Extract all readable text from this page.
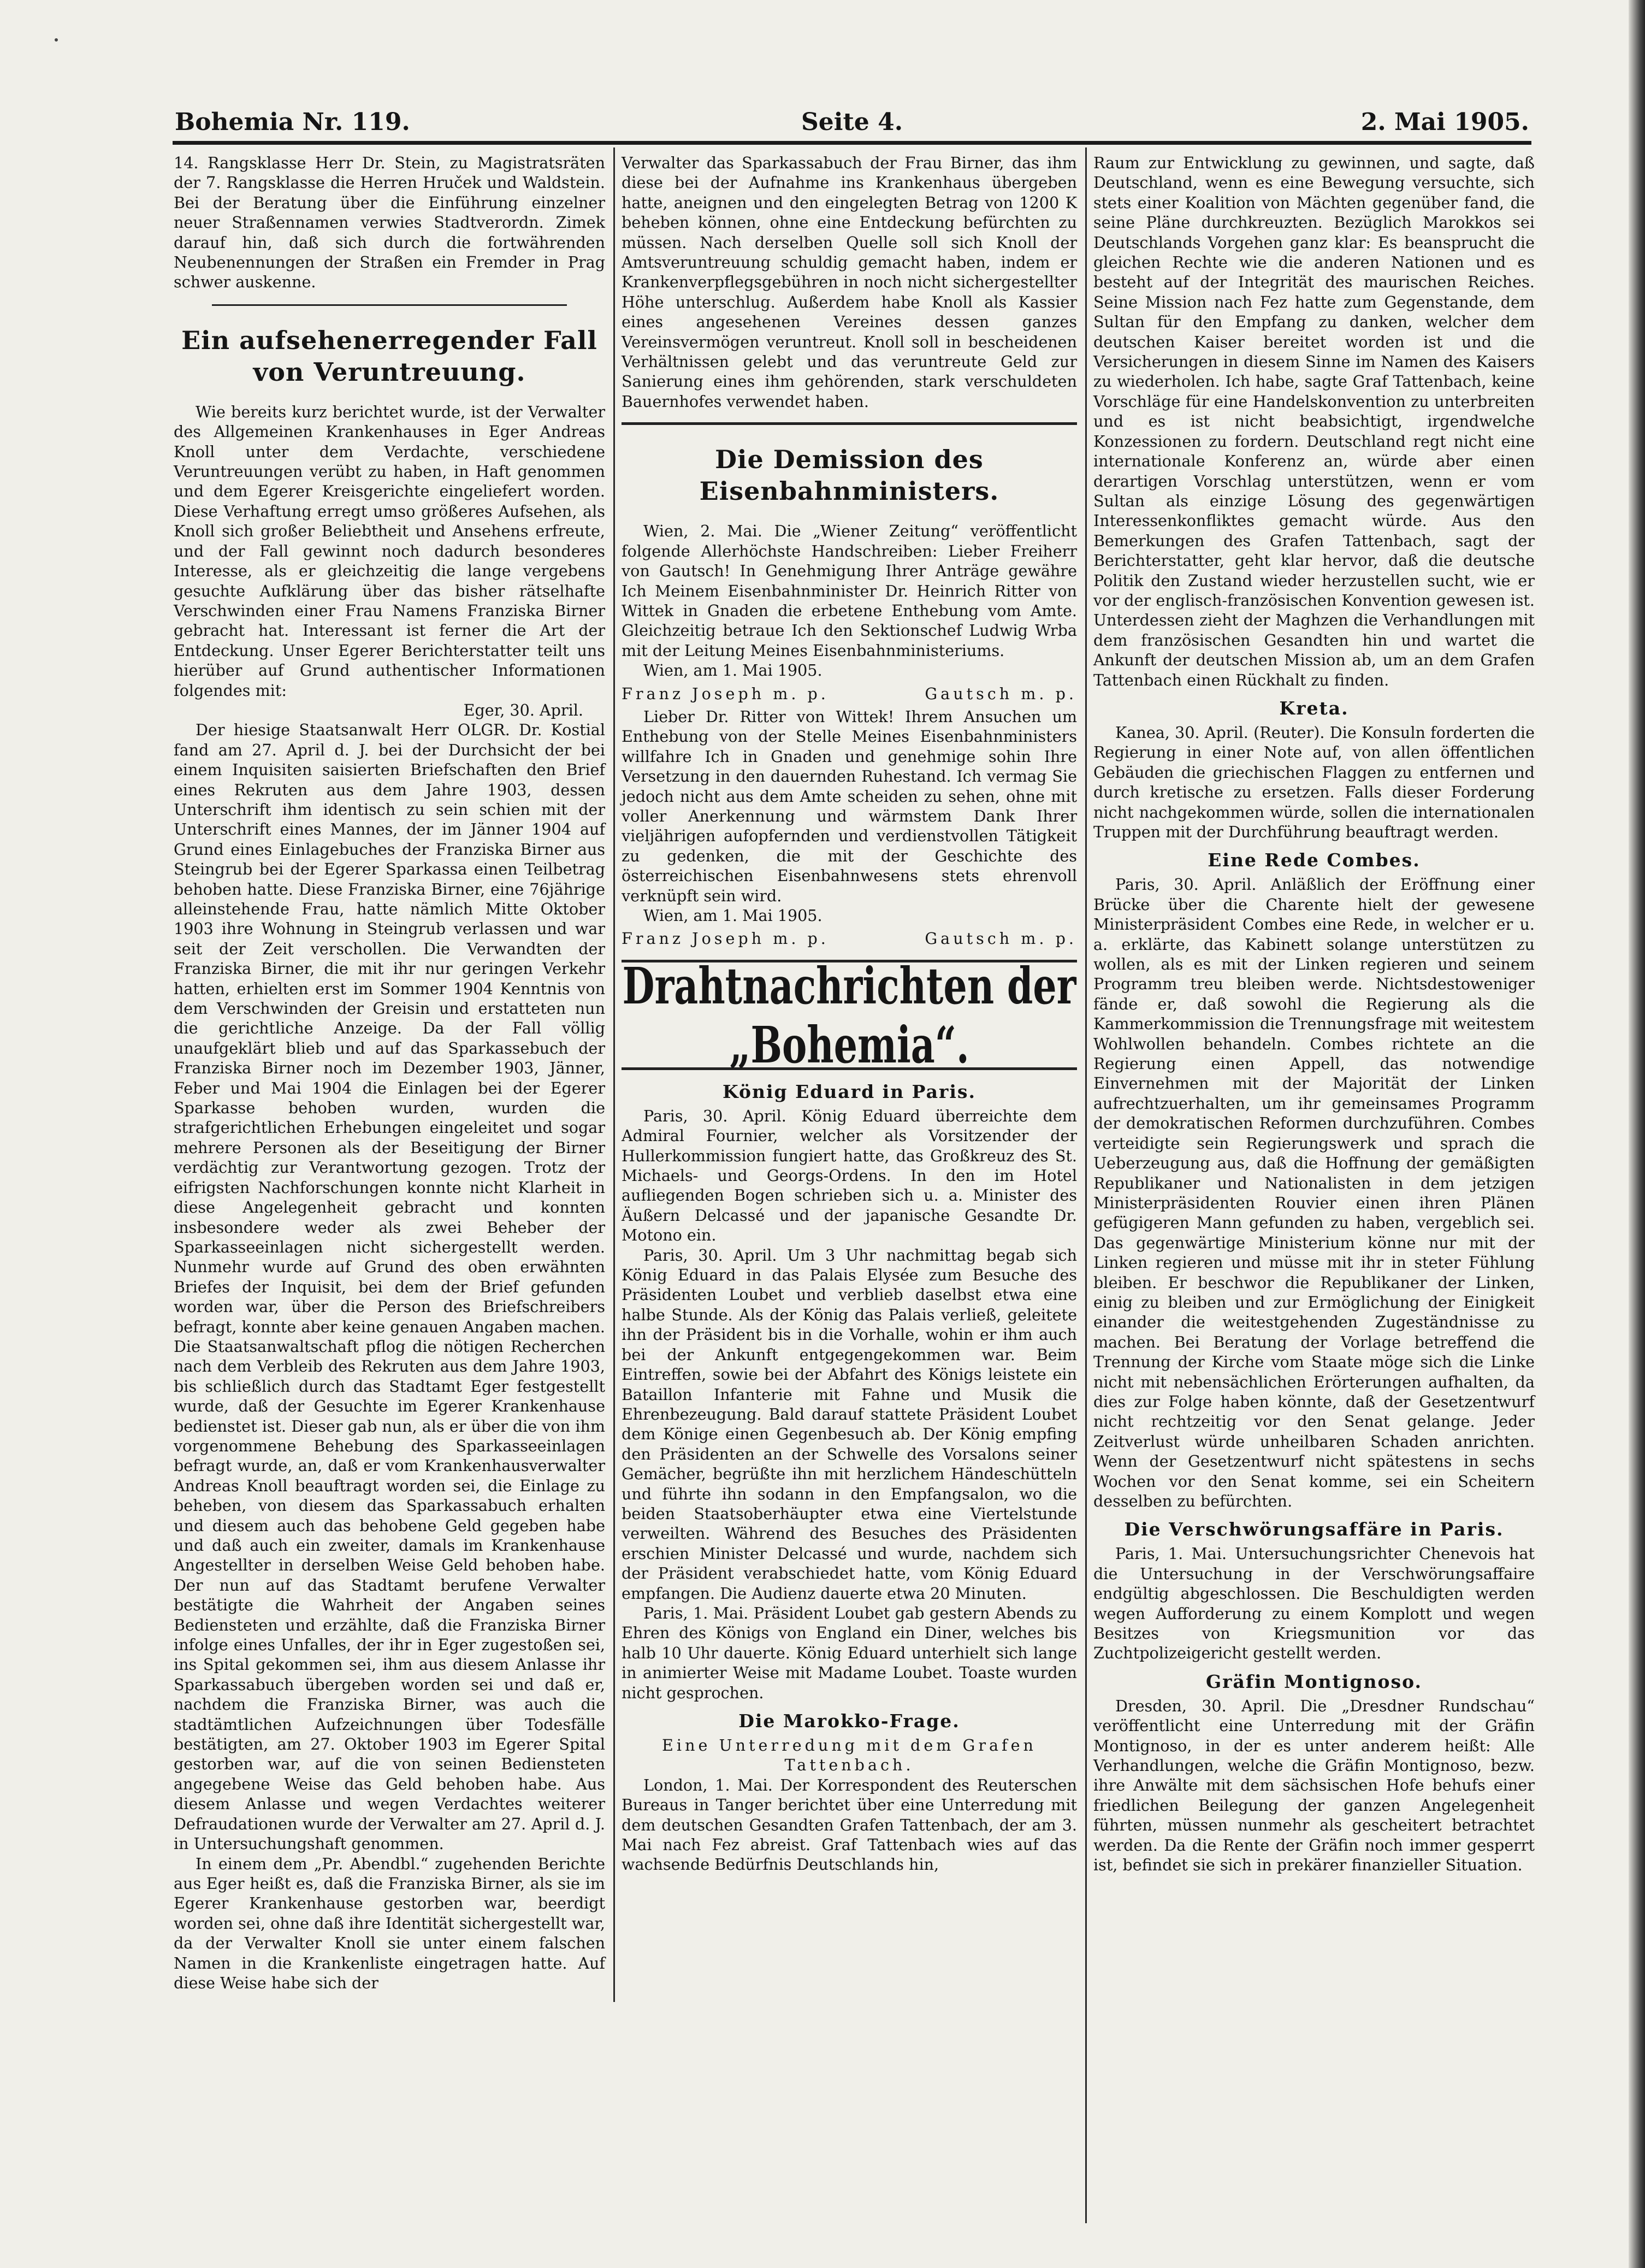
Bohemia Nr. 119.	Seite 4.	2. Mai 1905.

14. Rangsklasse Herr Dr. Stein, zu Magistratsräten der 7. Rangsklasse die Herren Hruček und Waldstein. Bei der Beratung über die Einführung einzelner neuer Straßennamen verwies Stadtverordn. Zimek darauf hin, daß sich durch die fortwährenden Neubenennungen der Straßen ein Fremder in Prag schwer auskenne.

Ein aufsehenerregender Fall von Veruntreuung.

Wie bereits kurz berichtet wurde, ist der Verwalter des Allgemeinen Krankenhauses in Eger Andreas Knoll unter dem Verdachte, verschiedene Veruntreuungen verübt zu haben, in Haft genommen und dem Egerer Kreisgerichte eingeliefert worden. Diese Verhaftung erregt umso größeres Aufsehen, als Knoll sich großer Beliebtheit und Ansehens erfreute, und der Fall gewinnt noch dadurch besonderes Interesse, als er gleichzeitig die lange vergebens gesuchte Aufklärung über das bisher rätselhafte Verschwinden einer Frau Namens Franziska Birner gebracht hat. Interessant ist ferner die Art der Entdeckung. Unser Egerer Berichterstatter teilt uns hierüber auf Grund authentischer Informationen folgendes mit:

Eger, 30. April.

Der hiesige Staatsanwalt Herr OLGR. Dr. Kostial fand am 27. April d. J. bei der Durchsicht der bei einem Inquisiten saisierten Briefschaften den Brief eines Rekruten aus dem Jahre 1903, dessen Unterschrift ihm identisch zu sein schien mit der Unterschrift eines Mannes, der im Jänner 1904 auf Grund eines Einlagebuches der Franziska Birner aus Steingrub bei der Egerer Sparkassa einen Teilbetrag behoben hatte. Diese Franziska Birner, eine 76jährige alleinstehende Frau, hatte nämlich Mitte Oktober 1903 ihre Wohnung in Steingrub verlassen und war seit der Zeit verschollen. Die Verwandten der Franziska Birner, die mit ihr nur geringen Verkehr hatten, erhielten erst im Sommer 1904 Kenntnis von dem Verschwinden der Greisin und erstatteten nun die gerichtliche Anzeige. Da der Fall völlig unaufgeklärt blieb und auf das Sparkassebuch der Franziska Birner noch im Dezember 1903, Jänner, Feber und Mai 1904 die Einlagen bei der Egerer Sparkasse behoben wurden, wurden die strafgerichtlichen Erhebungen eingeleitet und sogar mehrere Personen als der Beseitigung der Birner verdächtig zur Verantwortung gezogen. Trotz der eifrigsten Nachforschungen konnte nicht Klarheit in diese Angelegenheit gebracht und konnten insbesondere weder als zwei Beheber der Sparkasseeinlagen nicht sichergestellt werden. Nunmehr wurde auf Grund des oben erwähnten Briefes der Inquisit, bei dem der Brief gefunden worden war, über die Person des Briefschreibers befragt, konnte aber keine genauen Angaben machen. Die Staatsanwaltschaft pflog die nötigen Recherchen nach dem Verbleib des Rekruten aus dem Jahre 1903, bis schließlich durch das Stadtamt Eger festgestellt wurde, daß der Gesuchte im Egerer Krankenhause bedienstet ist. Dieser gab nun, als er über die von ihm vorgenommene Behebung des Sparkasseeinlagen befragt wurde, an, daß er vom Krankenhausverwalter Andreas Knoll beauftragt worden sei, die Einlage zu beheben, von diesem das Sparkassabuch erhalten und diesem auch das behobene Geld gegeben habe und daß auch ein zweiter, damals im Krankenhause Angestellter in derselben Weise Geld behoben habe. Der nun auf das Stadtamt berufene Verwalter bestätigte die Wahrheit der Angaben seines Bediensteten und erzählte, daß die Franziska Birner infolge eines Unfalles, der ihr in Eger zugestoßen sei, ins Spital gekommen sei, ihm aus diesem Anlasse ihr Sparkassabuch übergeben worden sei und daß er, nachdem die Franziska Birner, was auch die stadtämtlichen Aufzeichnungen über Todesfälle bestätigten, am 27. Oktober 1903 im Egerer Spital gestorben war, auf die von seinen Bediensteten angegebene Weise das Geld behoben habe. Aus diesem Anlasse und wegen Verdachtes weiterer Defraudationen wurde der Verwalter am 27. April d. J. in Untersuchungshaft genommen.

In einem dem „Pr. Abendbl.“ zugehenden Berichte aus Eger heißt es, daß die Franziska Birner, als sie im Egerer Krankenhause gestorben war, beerdigt worden sei, ohne daß ihre Identität sichergestellt war, da der Verwalter Knoll sie unter einem falschen Namen in die Krankenliste eingetragen hatte. Auf diese Weise habe sich der

Verwalter das Sparkassabuch der Frau Birner, das ihm diese bei der Aufnahme ins Krankenhaus übergeben hatte, aneignen und den eingelegten Betrag von 1200 K beheben können, ohne eine Entdeckung befürchten zu müssen. Nach derselben Quelle soll sich Knoll der Amtsveruntreuung schuldig gemacht haben, indem er Krankenverpflegsgebühren in noch nicht sichergestellter Höhe unterschlug. Außerdem habe Knoll als Kassier eines angesehenen Vereines dessen ganzes Vereinsvermögen veruntreut. Knoll soll in bescheidenen Verhältnissen gelebt und das veruntreute Geld zur Sanierung eines ihm gehörenden, stark verschuldeten Bauernhofes verwendet haben.

Die Demission des Eisenbahnministers.

Wien, 2. Mai. Die „Wiener Zeitung“ veröffentlicht folgende Allerhöchste Handschreiben: Lieber Freiherr von Gautsch! In Genehmigung Ihrer Anträge gewähre Ich Meinem Eisenbahnminister Dr. Heinrich Ritter von Wittek in Gnaden die erbetene Enthebung vom Amte. Gleichzeitig betraue Ich den Sektionschef Ludwig Wrba mit der Leitung Meines Eisenbahnministeriums.

Wien, am 1. Mai 1905.

Franz Joseph m. p.	Gautsch m. p.

Lieber Dr. Ritter von Wittek! Ihrem Ansuchen um Enthebung von der Stelle Meines Eisenbahnministers willfahre Ich in Gnaden und genehmige sohin Ihre Versetzung in den dauernden Ruhestand. Ich vermag Sie jedoch nicht aus dem Amte scheiden zu sehen, ohne mit voller Anerkennung und wärmstem Dank Ihrer vieljährigen aufopfernden und verdienstvollen Tätigkeit zu gedenken, die mit der Geschichte des österreichischen Eisenbahnwesens stets ehrenvoll verknüpft sein wird.

Wien, am 1. Mai 1905.

Franz Joseph m. p.	Gautsch m. p.
Drahtnachrichten der „Bohemia“.
König Eduard in Paris.

Paris, 30. April. König Eduard überreichte dem Admiral Fournier, welcher als Vorsitzender der Hullerkommission fungiert hatte, das Großkreuz des St. Michaels- und Georgs-Ordens. In den im Hotel aufliegenden Bogen schrieben sich u. a. Minister des Äußern Delcassé und der japanische Gesandte Dr. Motono ein.

Paris, 30. April. Um 3 Uhr nachmittag begab sich König Eduard in das Palais Elysée zum Besuche des Präsidenten Loubet und verblieb daselbst etwa eine halbe Stunde. Als der König das Palais verließ, geleitete ihn der Präsident bis in die Vorhalle, wohin er ihm auch bei der Ankunft entgegengekommen war. Beim Eintreffen, sowie bei der Abfahrt des Königs leistete ein Bataillon Infanterie mit Fahne und Musik die Ehrenbezeugung. Bald darauf stattete Präsident Loubet dem Könige einen Gegenbesuch ab. Der König empfing den Präsidenten an der Schwelle des Vorsalons seiner Gemächer, begrüßte ihn mit herzlichem Händeschütteln und führte ihn sodann in den Empfangsalon, wo die beiden Staatsoberhäupter etwa eine Viertelstunde verweilten. Während des Besuches des Präsidenten erschien Minister Delcassé und wurde, nachdem sich der Präsident verabschiedet hatte, vom König Eduard empfangen. Die Audienz dauerte etwa 20 Minuten.

Paris, 1. Mai. Präsident Loubet gab gestern Abends zu Ehren des Königs von England ein Diner, welches bis halb 10 Uhr dauerte. König Eduard unterhielt sich lange in animierter Weise mit Madame Loubet. Toaste wurden nicht gesprochen.

Die Marokko-Frage.

Eine Unterredung mit dem Grafen Tattenbach.

London, 1. Mai. Der Korrespondent des Reuterschen Bureaus in Tanger berichtet über eine Unterredung mit dem deutschen Gesandten Grafen Tattenbach, der am 3. Mai nach Fez abreist. Graf Tattenbach wies auf das wachsende Bedürfnis Deutschlands hin,

Raum zur Entwicklung zu gewinnen, und sagte, daß Deutschland, wenn es eine Bewegung versuchte, sich stets einer Koalition von Mächten gegenüber fand, die seine Pläne durchkreuzten. Bezüglich Marokkos sei Deutschlands Vorgehen ganz klar: Es beansprucht die gleichen Rechte wie die anderen Nationen und es besteht auf der Integrität des maurischen Reiches. Seine Mission nach Fez hatte zum Gegenstande, dem Sultan für den Empfang zu danken, welcher dem deutschen Kaiser bereitet worden ist und die Versicherungen in diesem Sinne im Namen des Kaisers zu wiederholen. Ich habe, sagte Graf Tattenbach, keine Vorschläge für eine Handelskonvention zu unterbreiten und es ist nicht beabsichtigt, irgendwelche Konzessionen zu fordern. Deutschland regt nicht eine internationale Konferenz an, würde aber einen derartigen Vorschlag unterstützen, wenn er vom Sultan als einzige Lösung des gegenwärtigen Interessenkonfliktes gemacht würde. Aus den Bemerkungen des Grafen Tattenbach, sagt der Berichterstatter, geht klar hervor, daß die deutsche Politik den Zustand wieder herzustellen sucht, wie er vor der englisch-französischen Konvention gewesen ist. Unterdessen zieht der Maghzen die Verhandlungen mit dem französischen Gesandten hin und wartet die Ankunft der deutschen Mission ab, um an dem Grafen Tattenbach einen Rückhalt zu finden.

Kreta.

Kanea, 30. April. (Reuter). Die Konsuln forderten die Regierung in einer Note auf, von allen öffentlichen Gebäuden die griechischen Flaggen zu entfernen und durch kretische zu ersetzen. Falls dieser Forderung nicht nachgekommen würde, sollen die internationalen Truppen mit der Durchführung beauftragt werden.

Eine Rede Combes.

Paris, 30. April. Anläßlich der Eröffnung einer Brücke über die Charente hielt der gewesene Ministerpräsident Combes eine Rede, in welcher er u. a. erklärte, das Kabinett solange unterstützen zu wollen, als es mit der Linken regieren und seinem Programm treu bleiben werde. Nichtsdestoweniger fände er, daß sowohl die Regierung als die Kammerkommission die Trennungsfrage mit weitestem Wohlwollen behandeln. Combes richtete an die Regierung einen Appell, das notwendige Einvernehmen mit der Majorität der Linken aufrechtzuerhalten, um ihr gemeinsames Programm der demokratischen Reformen durchzuführen. Combes verteidigte sein Regierungswerk und sprach die Ueberzeugung aus, daß die Hoffnung der gemäßigten Republikaner und Nationalisten in dem jetzigen Ministerpräsidenten Rouvier einen ihren Plänen gefügigeren Mann gefunden zu haben, vergeblich sei. Das gegenwärtige Ministerium könne nur mit der Linken regieren und müsse mit ihr in steter Fühlung bleiben. Er beschwor die Republikaner der Linken, einig zu bleiben und zur Ermöglichung der Einigkeit einander die weitestgehenden Zugeständnisse zu machen. Bei Beratung der Vorlage betreffend die Trennung der Kirche vom Staate möge sich die Linke nicht mit nebensächlichen Erörterungen aufhalten, da dies zur Folge haben könnte, daß der Gesetzentwurf nicht rechtzeitig vor den Senat gelange. Jeder Zeitverlust würde unheilbaren Schaden anrichten. Wenn der Gesetzentwurf nicht spätestens in sechs Wochen vor den Senat komme, sei ein Scheitern desselben zu befürchten.

Die Verschwörungsaffäre in Paris.

Paris, 1. Mai. Untersuchungsrichter Chenevois hat die Untersuchung in der Verschwörungsaffaire endgültig abgeschlossen. Die Beschuldigten werden wegen Aufforderung zu einem Komplott und wegen Besitzes von Kriegsmunition vor das Zuchtpolizeigericht gestellt werden.

Gräfin Montignoso.

Dresden, 30. April. Die „Dresdner Rundschau“ veröffentlicht eine Unterredung mit der Gräfin Montignoso, in der es unter anderem heißt: Alle Verhandlungen, welche die Gräfin Montignoso, bezw. ihre Anwälte mit dem sächsischen Hofe behufs einer friedlichen Beilegung der ganzen Angelegenheit führten, müssen nunmehr als gescheitert betrachtet werden. Da die Rente der Gräfin noch immer gesperrt ist, befindet sie sich in prekärer finanzieller Situation.
